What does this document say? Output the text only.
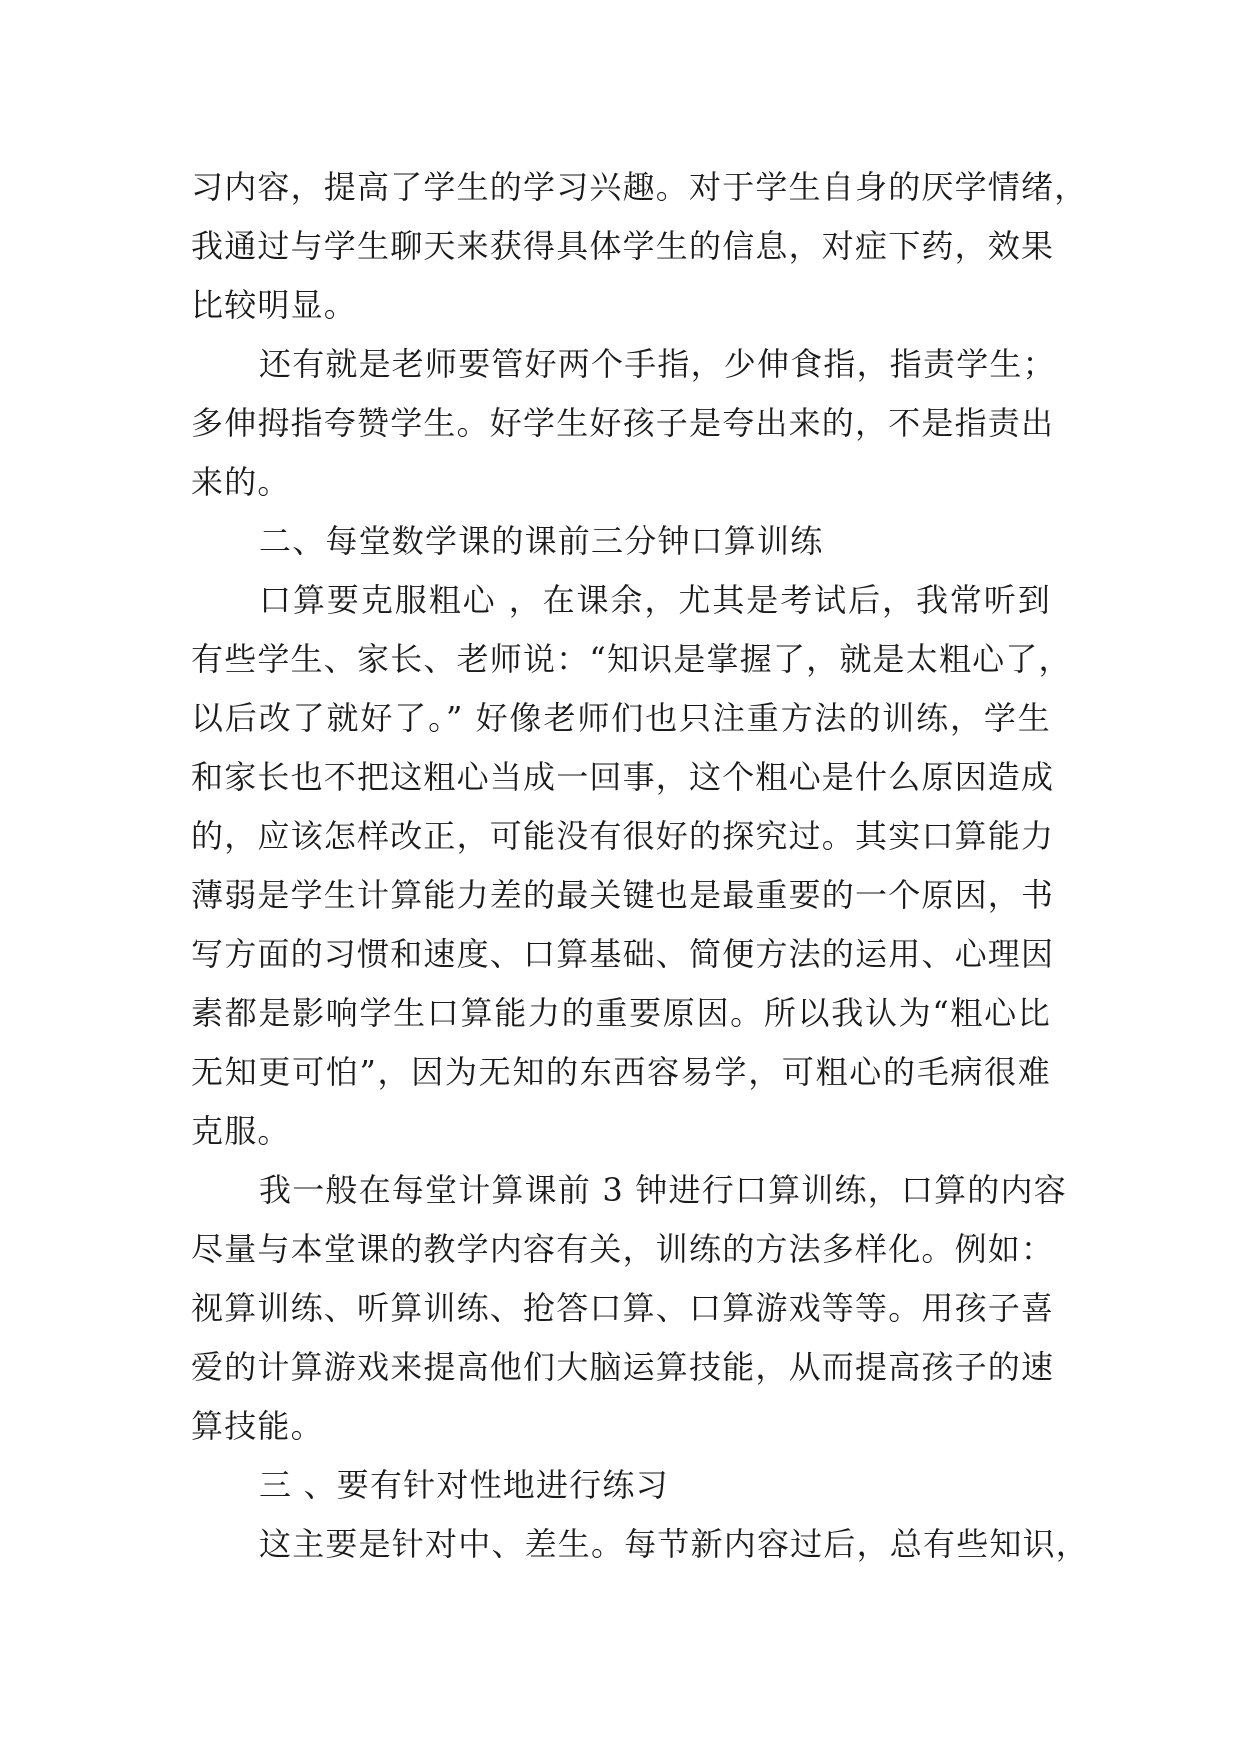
习内容，提高了学生的学习兴趣。对于学生自身的厌学情绪，
我通过与学生聊天来获得具体学生的信息，对症下药，效果
比较明显。
还有就是老师要管好两个手指，少伸食指，指责学生；
多伸拇指夸赞学生。好学生好孩子是夸出来的，不是指责出
来的。
二、每堂数学课的课前三分钟口算训练
口算要克服粗心 ，在课余，尤其是考试后，我常听到
有些学生、家长、老师说：“知识是掌握了，就是太粗心了，
以后改了就好了。” 好像老师们也只注重方法的训练，学生
和家长也不把这粗心当成一回事，这个粗心是什么原因造成
的，应该怎样改正，可能没有很好的探究过。其实口算能力
薄弱是学生计算能力差的最关键也是最重要的一个原因，书
写方面的习惯和速度、口算基础、简便方法的运用、心理因
素都是影响学生口算能力的重要原因。所以我认为“粗心比
无知更可怕”，因为无知的东西容易学，可粗心的毛病很难
克服。
我一般在每堂计算课前 3 钟进行口算训练，口算的内容
尽量与本堂课的教学内容有关，训练的方法多样化。例如：
视算训练、听算训练、抢答口算、口算游戏等等。用孩子喜
爱的计算游戏来提高他们大脑运算技能，从而提高孩子的速
算技能。
三 、要有针对性地进行练习
这主要是针对中、差生。每节新内容过后，总有些知识，
